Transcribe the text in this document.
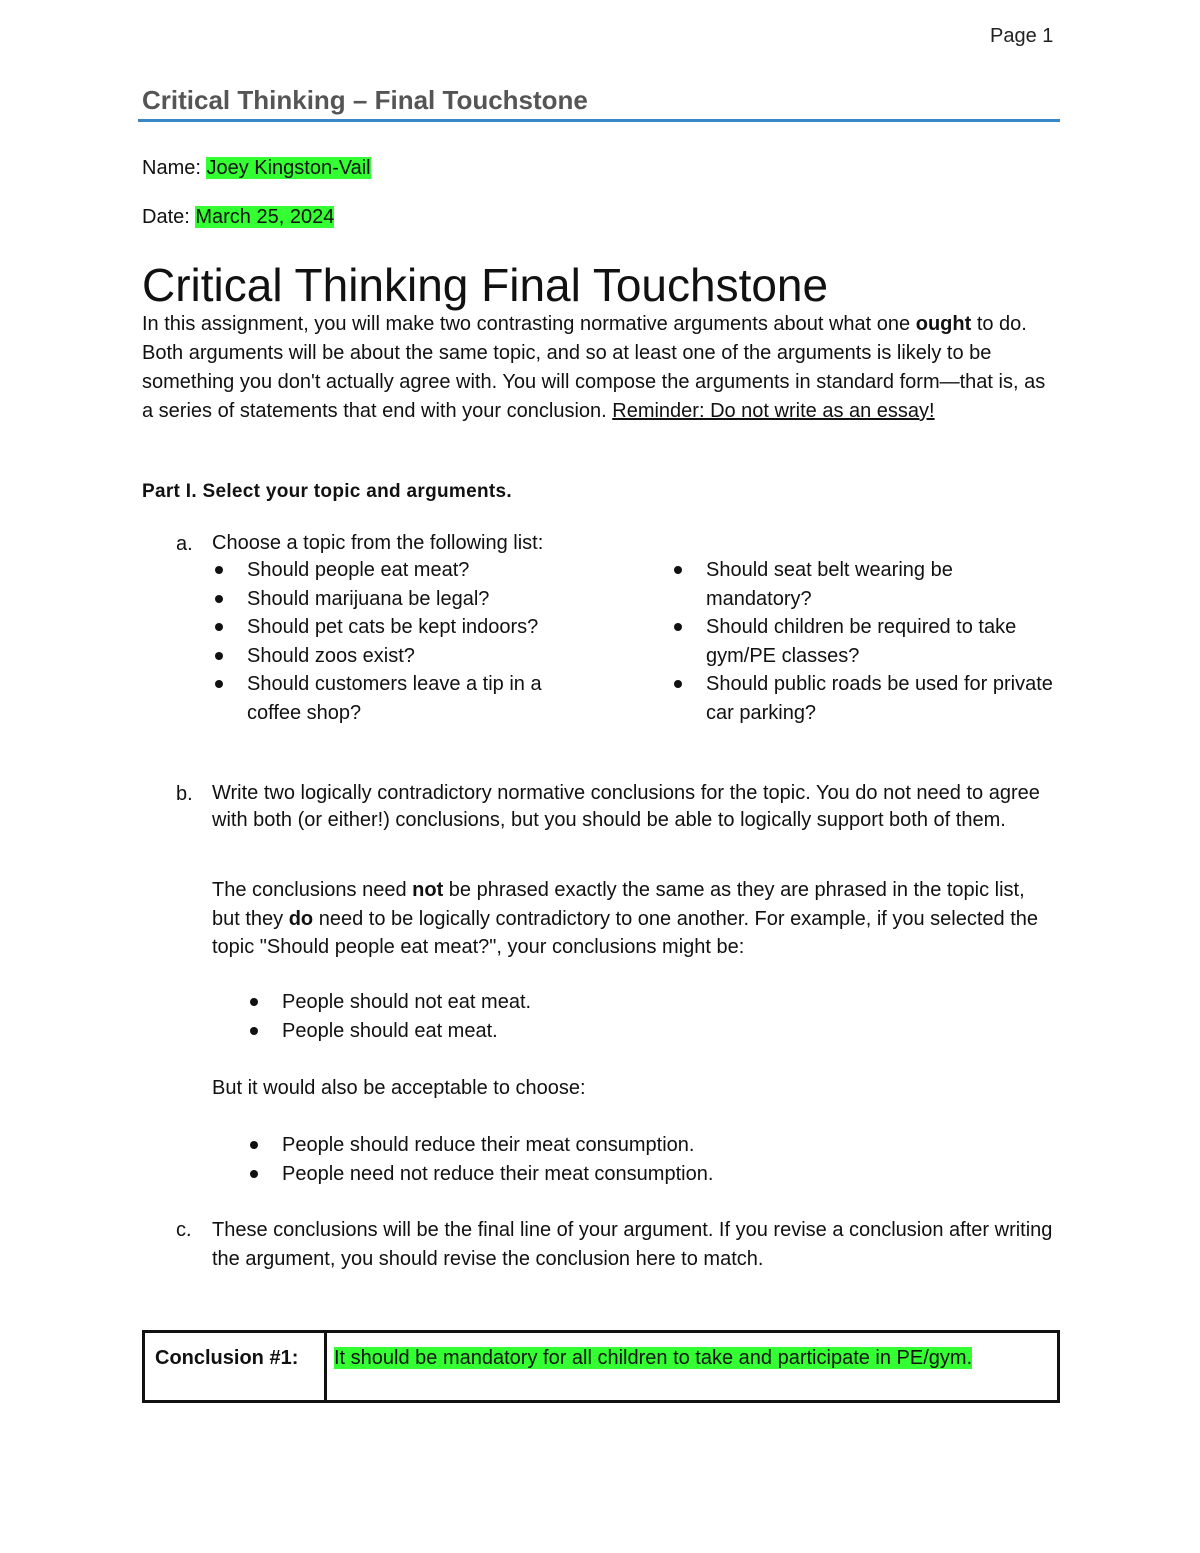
Page 1
Critical Thinking – Final Touchstone
Name: Joey Kingston-Vail
Date: March 25, 2024
Critical Thinking Final Touchstone
In this assignment, you will make two contrasting normative arguments about what one ought to do. Both arguments will be about the same topic, and so at least one of the arguments is likely to be something you don't actually agree with. You will compose the arguments in standard form—that is, as a series of statements that end with your conclusion. Reminder: Do not write as an essay!
Part I. Select your topic and arguments.
a. Choose a topic from the following list:
Should people eat meat?
Should marijuana be legal?
Should pet cats be kept indoors?
Should zoos exist?
Should customers leave a tip in a coffee shop?
Should seat belt wearing be mandatory?
Should children be required to take gym/PE classes?
Should public roads be used for private car parking?
b. Write two logically contradictory normative conclusions for the topic. You do not need to agree with both (or either!) conclusions, but you should be able to logically support both of them.
The conclusions need not be phrased exactly the same as they are phrased in the topic list, but they do need to be logically contradictory to one another. For example, if you selected the topic "Should people eat meat?", your conclusions might be:
People should not eat meat.
People should eat meat.
But it would also be acceptable to choose:
People should reduce their meat consumption.
People need not reduce their meat consumption.
c. These conclusions will be the final line of your argument. If you revise a conclusion after writing the argument, you should revise the conclusion here to match.
Conclusion #1:	It should be mandatory for all children to take and participate in PE/gym.
